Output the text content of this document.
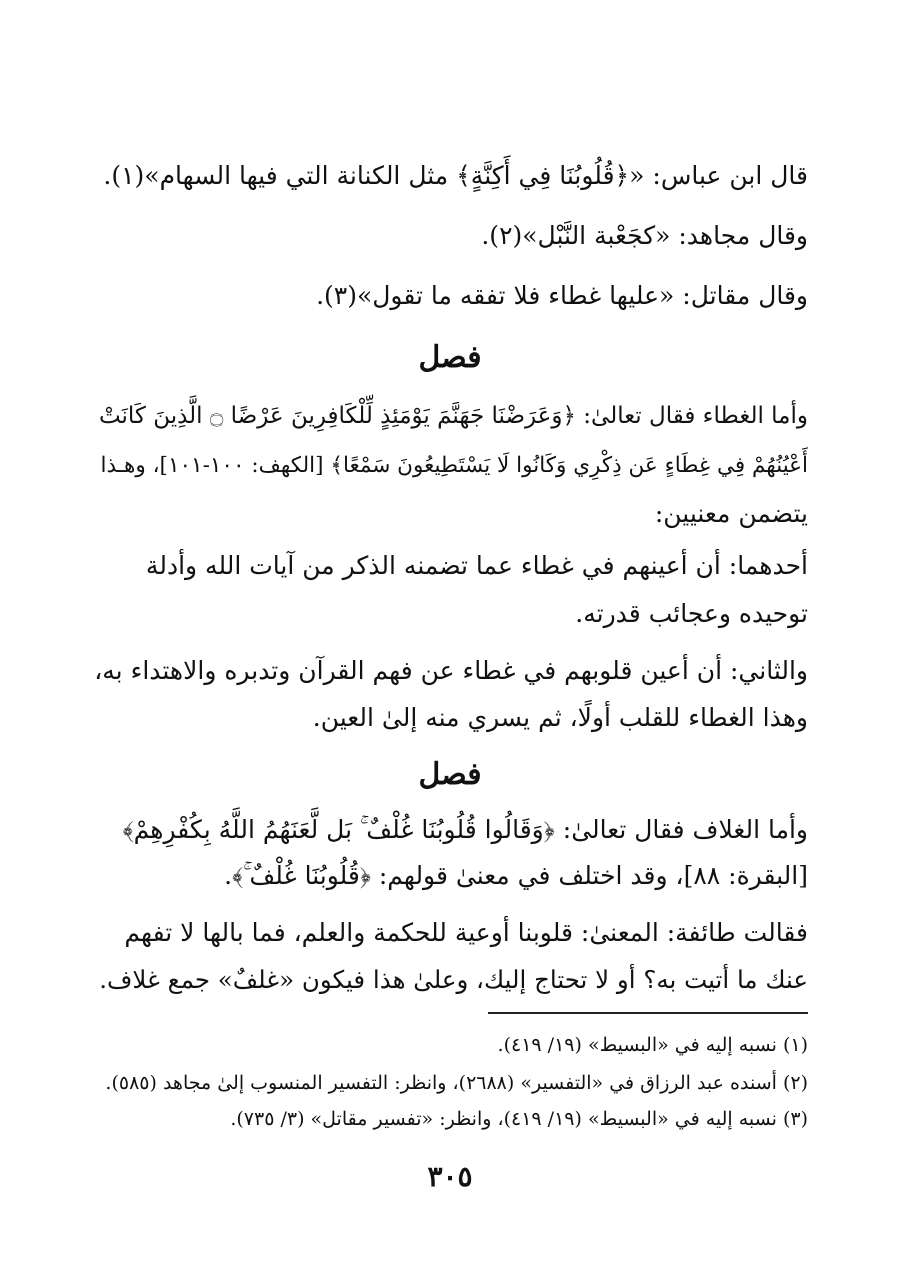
قال ابن عباس: «﴿قُلُوبُنَا فِي أَكِنَّةٍ﴾ مثل الكنانة التي فيها السهام»(١).
وقال مجاهد: «كجَعْبة النَّبْل»(٢).
وقال مقاتل: «عليها غطاء فلا تفقه ما تقول»(٣).
فصل
وأما الغطاء فقال تعالىٰ: ﴿وَعَرَضْنَا جَهَنَّمَ يَوْمَئِذٍ لِّلْكَافِرِينَ عَرْضًا ۝ الَّذِينَ كَانَتْ
أَعْيُنُهُمْ فِي غِطَاءٍ عَن ذِكْرِي وَكَانُوا لَا يَسْتَطِيعُونَ سَمْعًا﴾ [الكهف: ١٠٠-١٠١]، وهـذا
يتضمن معنيين:
أحدهما: أن أعينهم في غطاء عما تضمنه الذكر من آيات الله وأدلة
توحيده وعجائب قدرته.
والثاني: أن أعين قلوبهم في غطاء عن فهم القرآن وتدبره والاهتداء به،
وهذا الغطاء للقلب أولًا، ثم يسري منه إلىٰ العين.
فصل
وأما الغلاف فقال تعالىٰ: ﴿وَقَالُوا قُلُوبُنَا غُلْفٌ ۚ بَل لَّعَنَهُمُ اللَّهُ بِكُفْرِهِمْ﴾
[البقرة: ٨٨]، وقد اختلف في معنىٰ قولهم: ﴿قُلُوبُنَا غُلْفٌ ۚ﴾.
فقالت طائفة: المعنىٰ: قلوبنا أوعية للحكمة والعلم، فما بالها لا تفهم
عنك ما أتيت به؟ أو لا تحتاج إليك، وعلىٰ هذا فيكون «غلفٌ» جمع غلاف.
(١) نسبه إليه في «البسيط» (١٩/ ٤١٩).
(٢) أسنده عبد الرزاق في «التفسير» (٢٦٨٨)، وانظر: التفسير المنسوب إلىٰ مجاهد (٥٨٥).
(٣) نسبه إليه في «البسيط» (١٩/ ٤١٩)، وانظر: «تفسير مقاتل» (٣/ ٧٣٥).
٣٠٥
